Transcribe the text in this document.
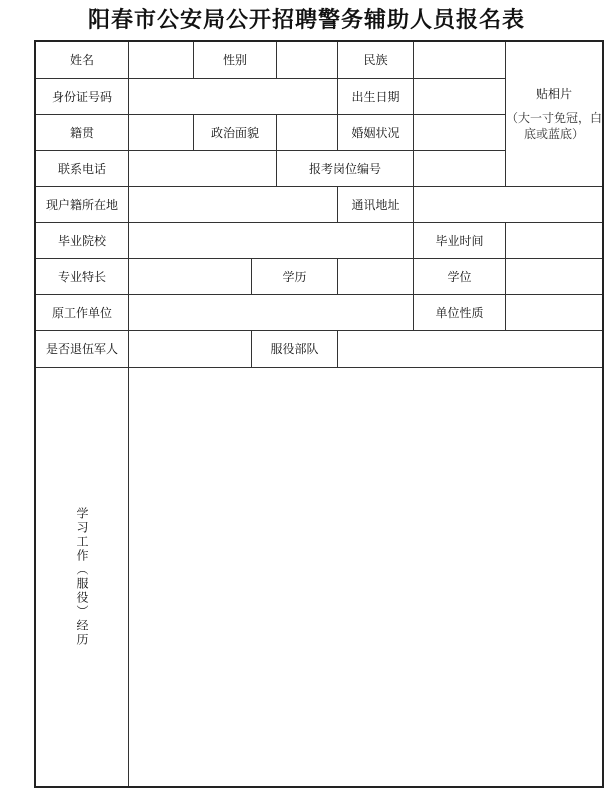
阳春市公安局公开招聘警务辅助人员报名表
姓名	性别	民族
贴相片
（大一寸免冠，白底或蓝底）
身份证号码	出生日期
籍贯	政治面貌	婚姻状况
联系电话	报考岗位编号
现户籍所在地	通讯地址
毕业院校	毕业时间
专业特长	学历	学位
原工作单位	单位性质
是否退伍军人	服役部队
学习工作（服役）经历
